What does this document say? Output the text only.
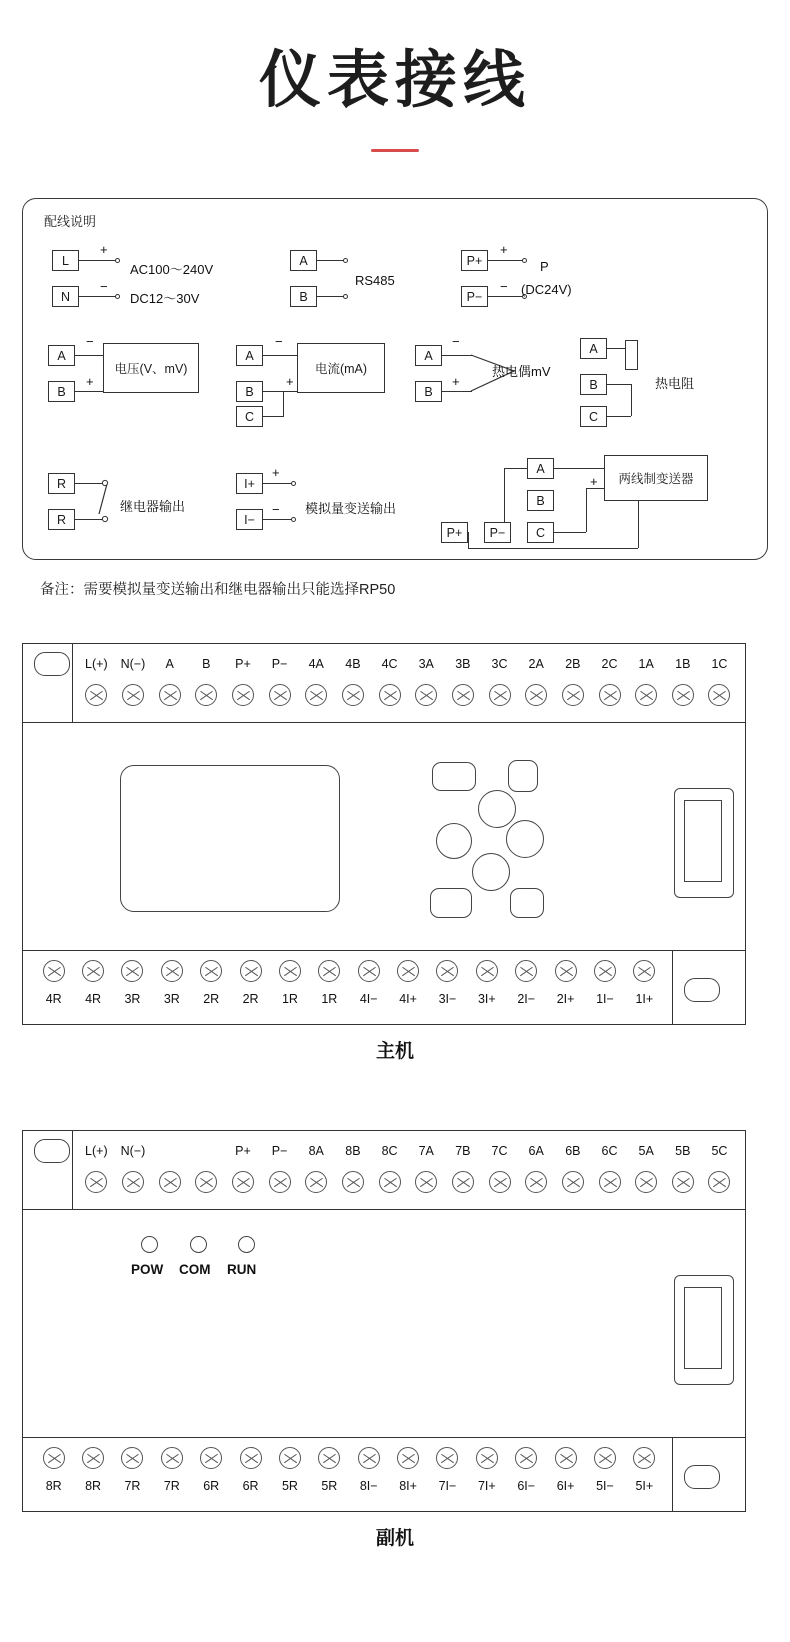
仪表接线
配线说明
L
N
+
−
AC100～240V
DC12～30V
A
B
RS485
P+
P−
+
−
P
(DC24V)
A
B
−
+
电压(V、mV)
A
B
C
−
+
电流(mA)
A
B
−
+
热电偶mV
A
B
C
热电阻
R
R
继电器输出
I+
I−
+
− 模拟量变送输出
A
B
C
P+	P−
两线制变送器
+
备注：需要模拟量变送输出和继电器输出只能选择RP50
L(+)	N(−)	A	B	P+	P−	4A	4B	4C	3A	3B	3C	2A	2B	2C	1A	1B	1C
4R	4R	3R	3R	2R	2R	1R	1R	4I−	4I+	3I−	3I+	2I−	2I+	1I−	1I+
主机
L(+)	N(−)	P+	P−	8A	8B	8C	7A	7B	7C	6A	6B	6C	5A	5B	5C
8R	8R	7R	7R	6R	6R	5R	5R	8I−	8I+	7I−	7I+	6I−	6I+	5I−	5I+
POW COM RUN
副机
